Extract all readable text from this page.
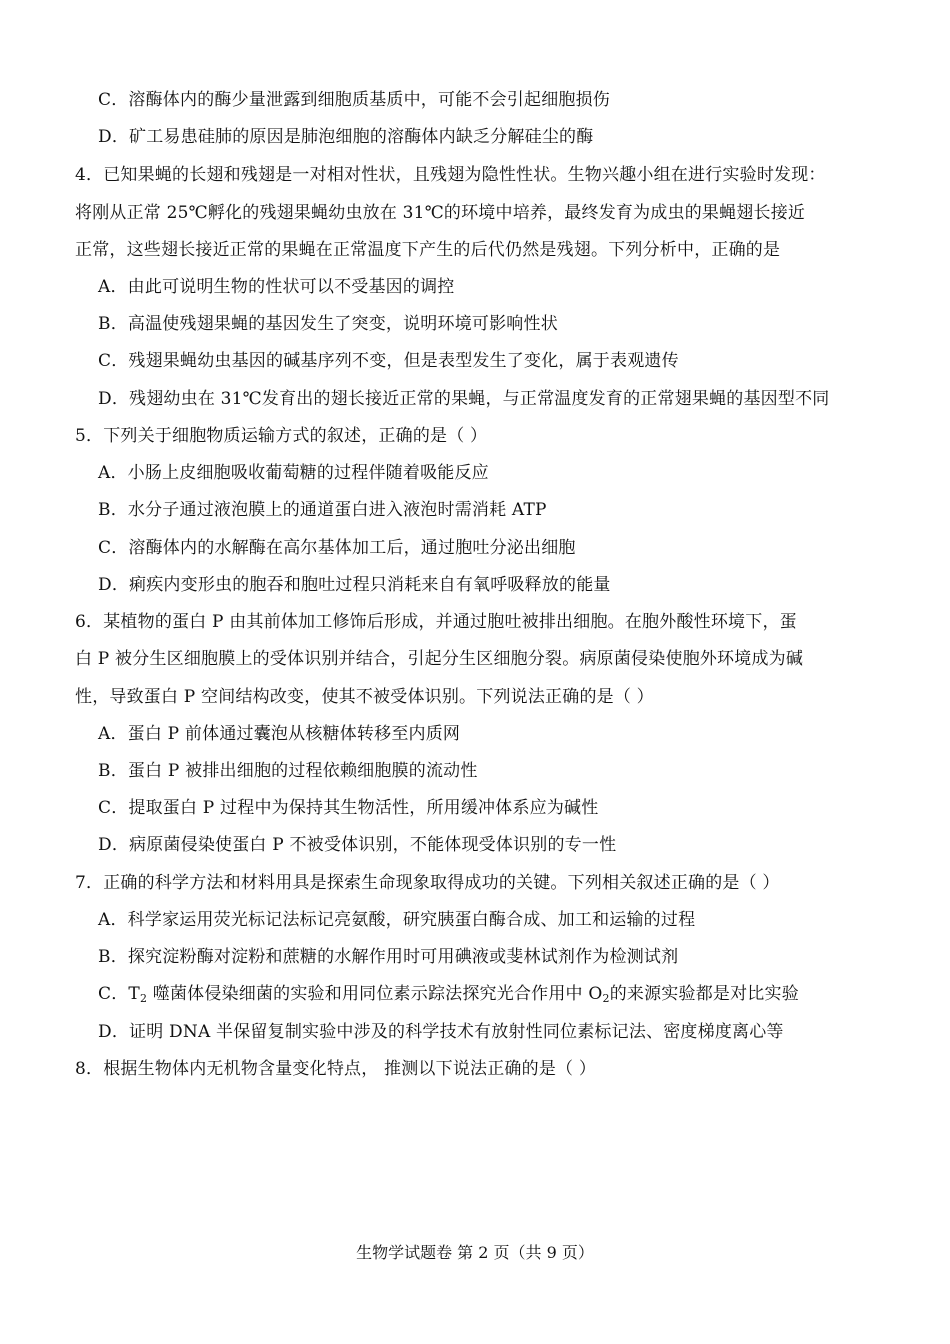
C．溶酶体内的酶少量泄露到细胞质基质中，可能不会引起细胞损伤
D．矿工易患硅肺的原因是肺泡细胞的溶酶体内缺乏分解硅尘的酶
4．已知果蝇的长翅和残翅是一对相对性状，且残翅为隐性性状。生物兴趣小组在进行实验时发现：
将刚从正常 25℃孵化的残翅果蝇幼虫放在 31℃的环境中培养，最终发育为成虫的果蝇翅长接近
正常，这些翅长接近正常的果蝇在正常温度下产生的后代仍然是残翅。下列分析中，正确的是
A．由此可说明生物的性状可以不受基因的调控
B．高温使残翅果蝇的基因发生了突变，说明环境可影响性状
C．残翅果蝇幼虫基因的碱基序列不变，但是表型发生了变化，属于表观遗传
D．残翅幼虫在 31℃发育出的翅长接近正常的果蝇，与正常温度发育的正常翅果蝇的基因型不同
5．下列关于细胞物质运输方式的叙述，正确的是（ ）
A．小肠上皮细胞吸收葡萄糖的过程伴随着吸能反应
B．水分子通过液泡膜上的通道蛋白进入液泡时需消耗 ATP
C．溶酶体内的水解酶在高尔基体加工后，通过胞吐分泌出细胞
D．痢疾内变形虫的胞吞和胞吐过程只消耗来自有氧呼吸释放的能量
6．某植物的蛋白 P 由其前体加工修饰后形成，并通过胞吐被排出细胞。在胞外酸性环境下，蛋
白 P 被分生区细胞膜上的受体识别并结合，引起分生区细胞分裂。病原菌侵染使胞外环境成为碱
性，导致蛋白 P 空间结构改变，使其不被受体识别。下列说法正确的是（ ）
A．蛋白 P 前体通过囊泡从核糖体转移至内质网
B．蛋白 P 被排出细胞的过程依赖细胞膜的流动性
C．提取蛋白 P 过程中为保持其生物活性，所用缓冲体系应为碱性
D．病原菌侵染使蛋白 P 不被受体识别，不能体现受体识别的专一性
7．正确的科学方法和材料用具是探索生命现象取得成功的关键。下列相关叙述正确的是（ ）
A．科学家运用荧光标记法标记亮氨酸，研究胰蛋白酶合成、加工和运输的过程
B．探究淀粉酶对淀粉和蔗糖的水解作用时可用碘液或斐林试剂作为检测试剂
C．$T_2$ 噬菌体侵染细菌的实验和用同位素示踪法探究光合作用中 $O_2$的来源实验都是对比实验
D．证明 DNA 半保留复制实验中涉及的科学技术有放射性同位素标记法、密度梯度离心等
8．根据生物体内无机物含量变化特点， 推测以下说法正确的是（ ）
生物学试题卷 第 2 页（共 9 页）
